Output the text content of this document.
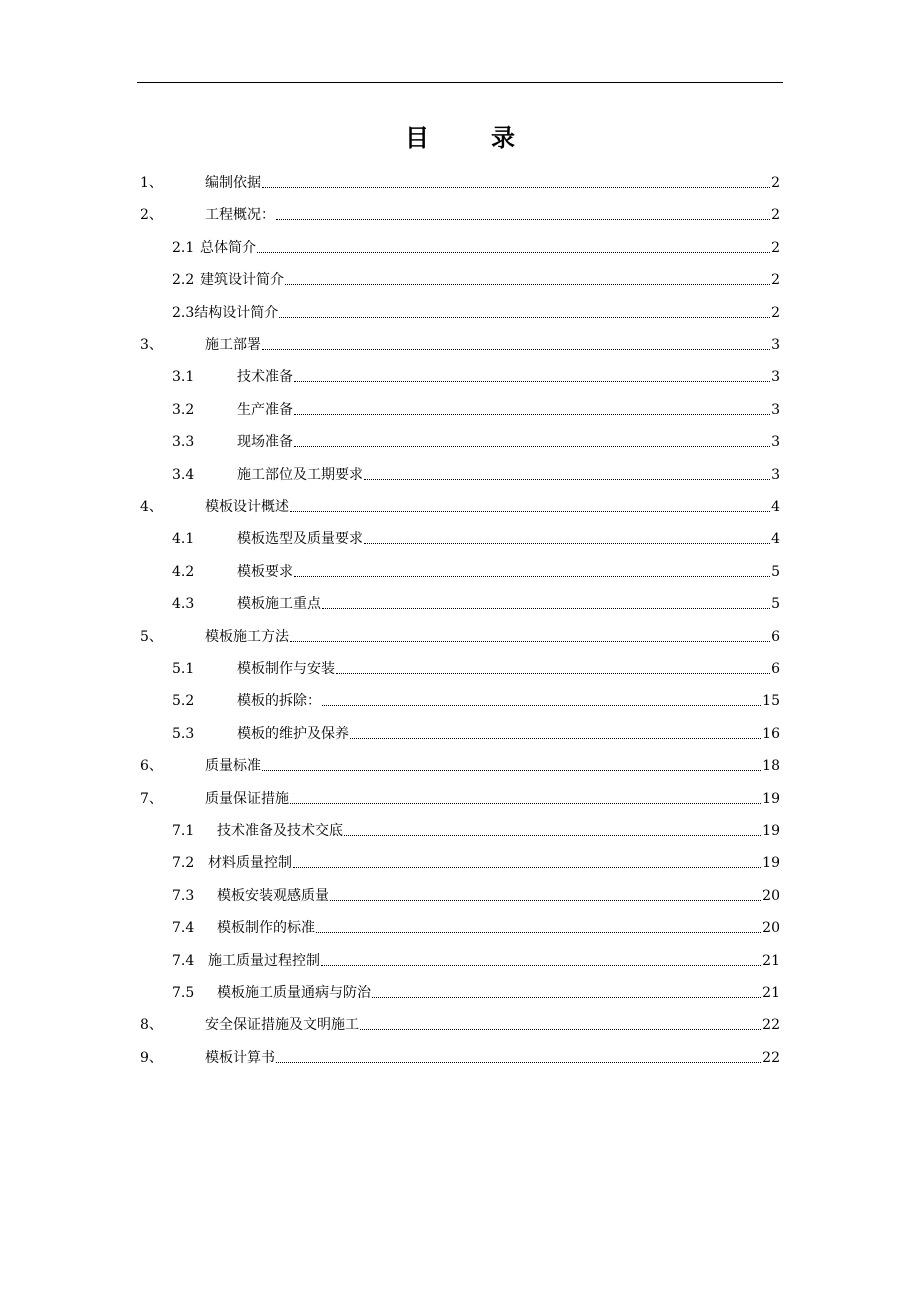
目	录
1、	编制依据	2
2、	工程概况：	2
2.1 总体简介	2
2.2 建筑设计简介	2
2.3 结构设计简介	2
3、	施工部署	3
3.1	技术准备	3
3.2	生产准备	3
3.3	现场准备	3
3.4	施工部位及工期要求	3
4、	模板设计概述	4
4.1	模板选型及质量要求	4
4.2	模板要求	5
4.3	模板施工重点	5
5、	模板施工方法	6
5.1	模板制作与安装	6
5.2	模板的拆除：	15
5.3	模板的维护及保养	16
6、	质量标准	18
7、	质量保证措施	19
7.1	技术准备及技术交底	19
7.2 材料质量控制	19
7.3	模板安装观感质量	20
7.4	模板制作的标准	20
7.4 施工质量过程控制	21
7.5	模板施工质量通病与防治	21
8、	安全保证措施及文明施工	22
9、	模板计算书	22
